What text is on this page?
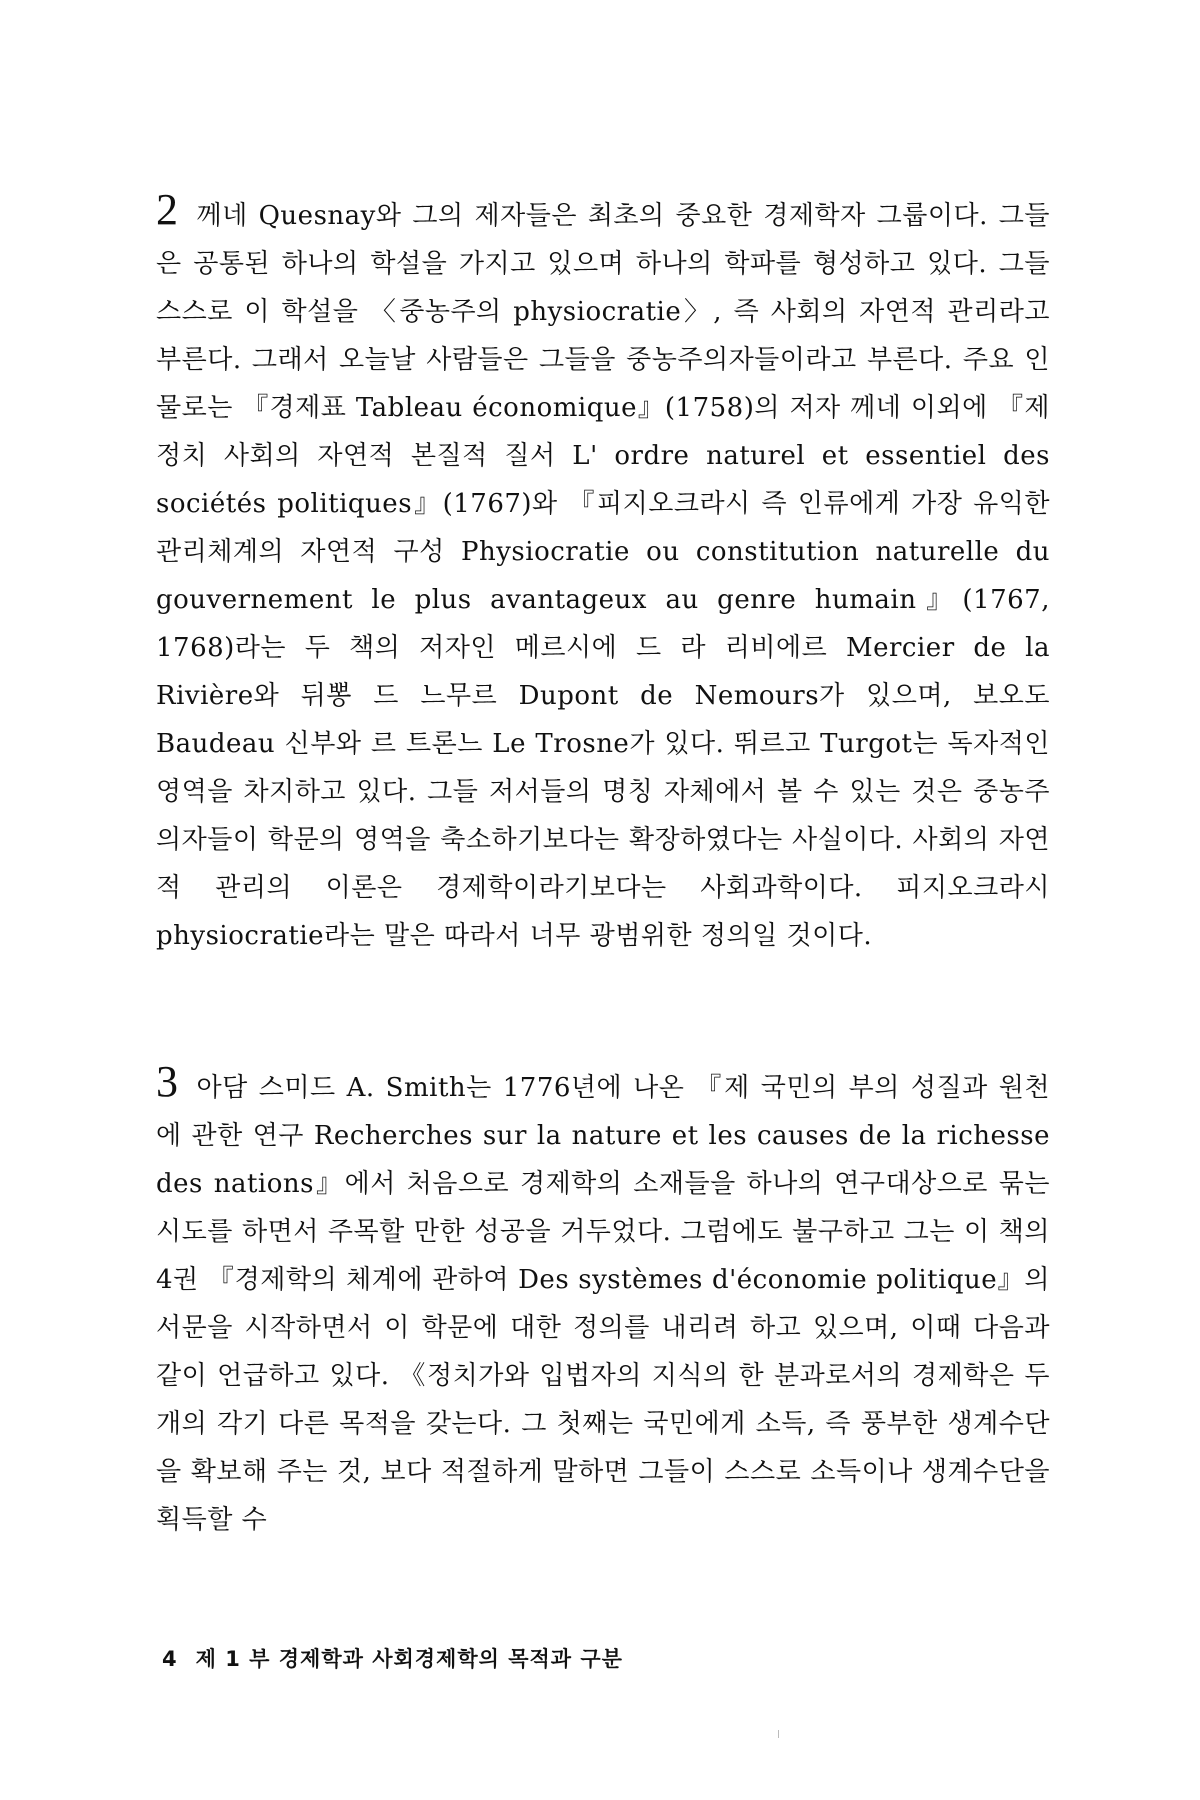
2 께네 Quesnay와 그의 제자들은 최초의 중요한 경제학자 그룹이다. 그들은 공통된 하나의 학설을 가지고 있으며 하나의 학파를 형성하고 있다. 그들 스스로 이 학설을 〈중농주의 physiocratie〉, 즉 사회의 자연적 관리라고 부른다. 그래서 오늘날 사람들은 그들을 중농주의자들이라고 부른다. 주요 인물로는 『경제표 Tableau économique』(1758)의 저자 께네 이외에 『제 정치 사회의 자연적 본질적 질서 L' ordre naturel et essentiel des sociétés politiques』(1767)와 『피지오크라시 즉 인류에게 가장 유익한 관리체계의 자연적 구성 Physiocratie ou constitution naturelle du gouvernement le plus avantageux au genre humain』(1767, 1768)라는 두 책의 저자인 메르시에 드 라 리비에르 Mercier de la Rivière와 뒤뽕 드 느무르 Dupont de Nemours가 있으며, 보오도 Baudeau 신부와 르 트론느 Le Trosne가 있다. 뛰르고 Turgot는 독자적인 영역을 차지하고 있다. 그들 저서들의 명칭 자체에서 볼 수 있는 것은 중농주의자들이 학문의 영역을 축소하기보다는 확장하였다는 사실이다. 사회의 자연적 관리의 이론은 경제학이라기보다는 사회과학이다. 피지오크라시 physiocratie라는 말은 따라서 너무 광범위한 정의일 것이다.
3 아담 스미드 A. Smith는 1776년에 나온 『제 국민의 부의 성질과 원천에 관한 연구 Recherches sur la nature et les causes de la richesse des nations』에서 처음으로 경제학의 소재들을 하나의 연구대상으로 묶는 시도를 하면서 주목할 만한 성공을 거두었다. 그럼에도 불구하고 그는 이 책의 4권 『경제학의 체계에 관하여 Des systèmes d'économie politique』의 서문을 시작하면서 이 학문에 대한 정의를 내리려 하고 있으며, 이때 다음과 같이 언급하고 있다. 《정치가와 입법자의 지식의 한 분과로서의 경제학은 두 개의 각기 다른 목적을 갖는다. 그 첫째는 국민에게 소득, 즉 풍부한 생계수단을 확보해 주는 것, 보다 적절하게 말하면 그들이 스스로 소득이나 생계수단을 획득할 수
4 제 1 부 경제학과 사회경제학의 목적과 구분
